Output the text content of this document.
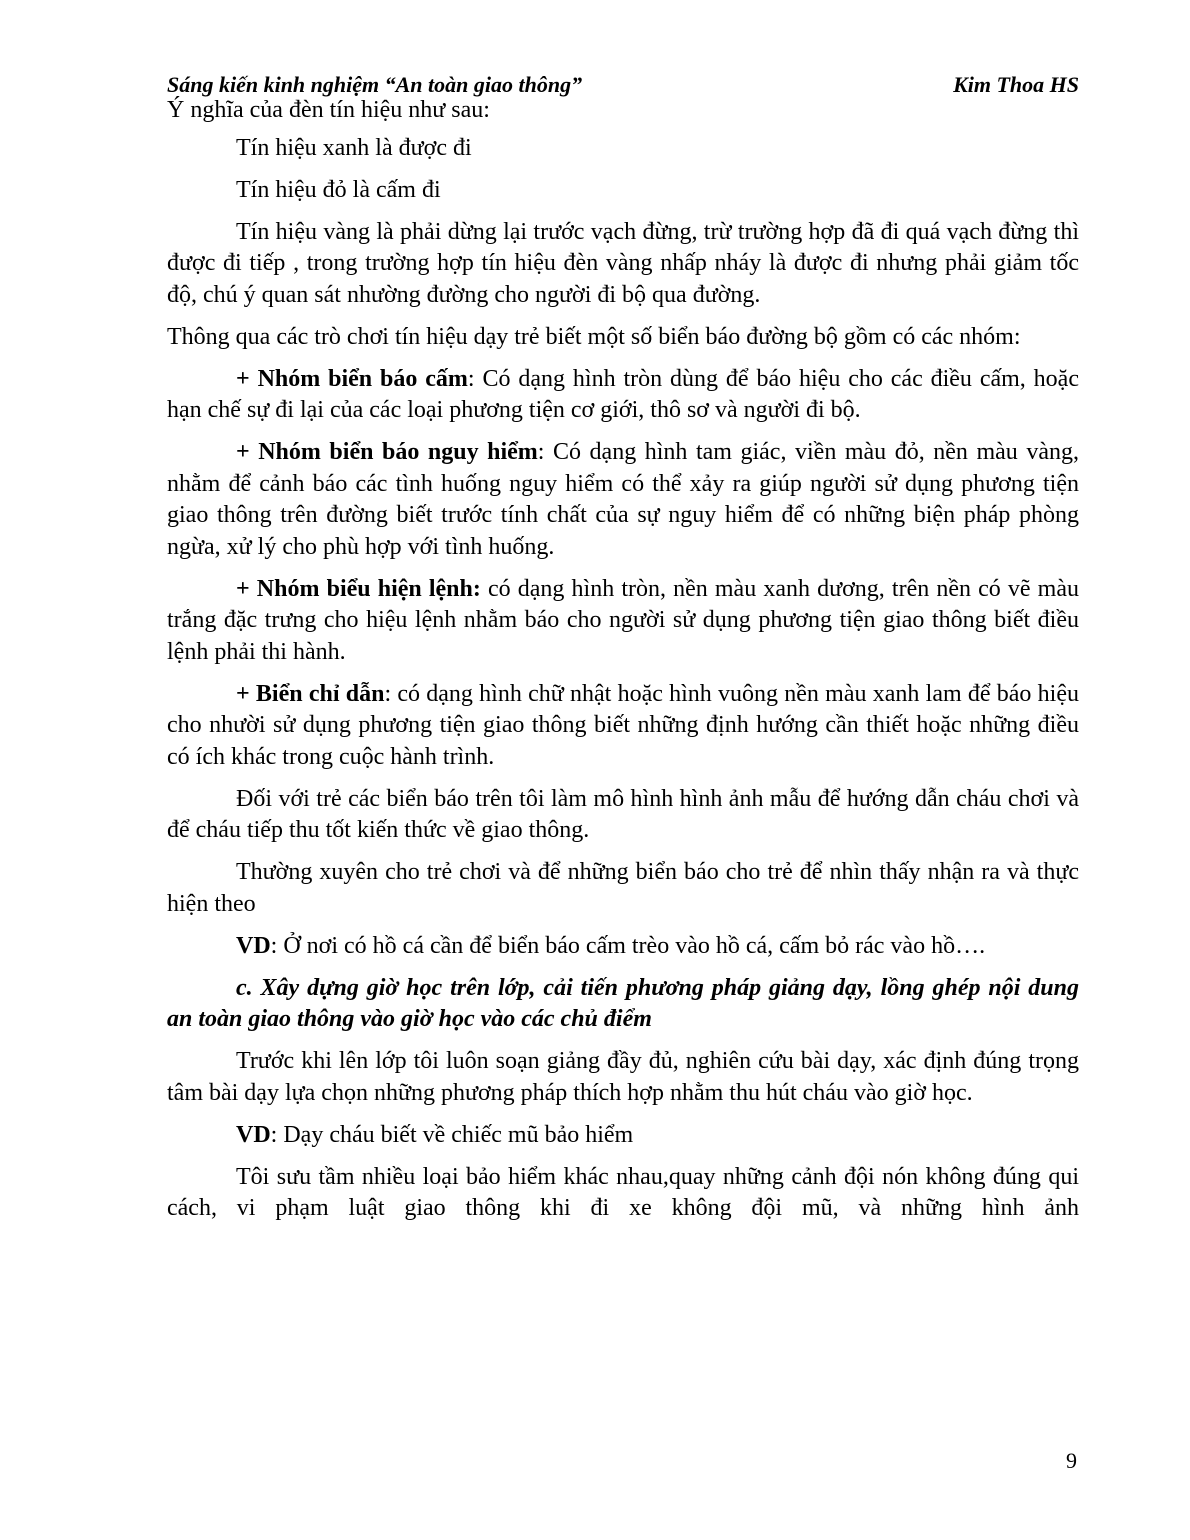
Sáng kiến kinh nghiệm “An toàn giao thông”	Kim Thoa HS

Ý nghĩa của đèn tín hiệu như sau:

Tín hiệu xanh là được đi

Tín hiệu đỏ là cấm đi

Tín hiệu vàng là phải dừng lại trước vạch đừng, trừ trường hợp đã đi quá vạch đừng thì được đi tiếp , trong trường hợp tín hiệu đèn vàng nhấp nháy là được đi nhưng phải giảm tốc độ, chú ý quan sát nhường đường cho người đi bộ qua đường.

Thông qua các trò chơi tín hiệu dạy trẻ biết một số biển báo đường bộ gồm có các nhóm:

+ Nhóm biển báo cấm: Có dạng hình tròn dùng để báo hiệu cho các điều cấm, hoặc hạn chế sự đi lại của các loại phương tiện cơ giới, thô sơ và người đi bộ.

+ Nhóm biển báo nguy hiểm: Có dạng hình tam giác, viền màu đỏ, nền màu vàng, nhằm để cảnh báo các tình huống nguy hiểm có thể xảy ra giúp người sử dụng phương tiện giao thông trên đường biết trước tính chất của sự nguy hiểm để có những biện pháp phòng ngừa, xử lý cho phù hợp với tình huống.

+ Nhóm biểu hiện lệnh: có dạng hình tròn, nền màu xanh dương, trên nền có vẽ màu trắng đặc trưng cho hiệu lệnh nhằm báo cho người sử dụng phương tiện giao thông biết điều lệnh phải thi hành.

+ Biển chỉ dẫn: có dạng hình chữ nhật hoặc hình vuông nền màu xanh lam để báo hiệu cho nhười sử dụng phương tiện giao thông biết những định hướng cần thiết hoặc những điều có ích khác trong cuộc hành trình.

Đối với trẻ các biển báo trên tôi làm mô hình hình ảnh mẫu để hướng dẫn cháu chơi và để cháu tiếp thu tốt kiến thức về giao thông.

Thường xuyên cho trẻ chơi và để những biển báo cho trẻ để nhìn thấy nhận ra và thực hiện theo

VD: Ở nơi có hồ cá cần để biển báo cấm trèo vào hồ cá, cấm bỏ rác vào hồ….

c. Xây dựng giờ học trên lớp, cải tiến phương pháp giảng dạy, lồng ghép nội dung an toàn giao thông vào giờ học vào các chủ điểm

Trước khi lên lớp tôi luôn soạn giảng đầy đủ, nghiên cứu bài dạy, xác định đúng trọng tâm bài dạy lựa chọn những phương pháp thích hợp nhằm thu hút cháu vào giờ học.

VD: Dạy cháu biết về chiếc mũ bảo hiểm

Tôi sưu tầm nhiều loại bảo hiểm khác nhau,quay những cảnh đội nón không đúng qui cách, vi phạm luật giao thông khi đi xe không đội mũ, và những hình ảnh

9
